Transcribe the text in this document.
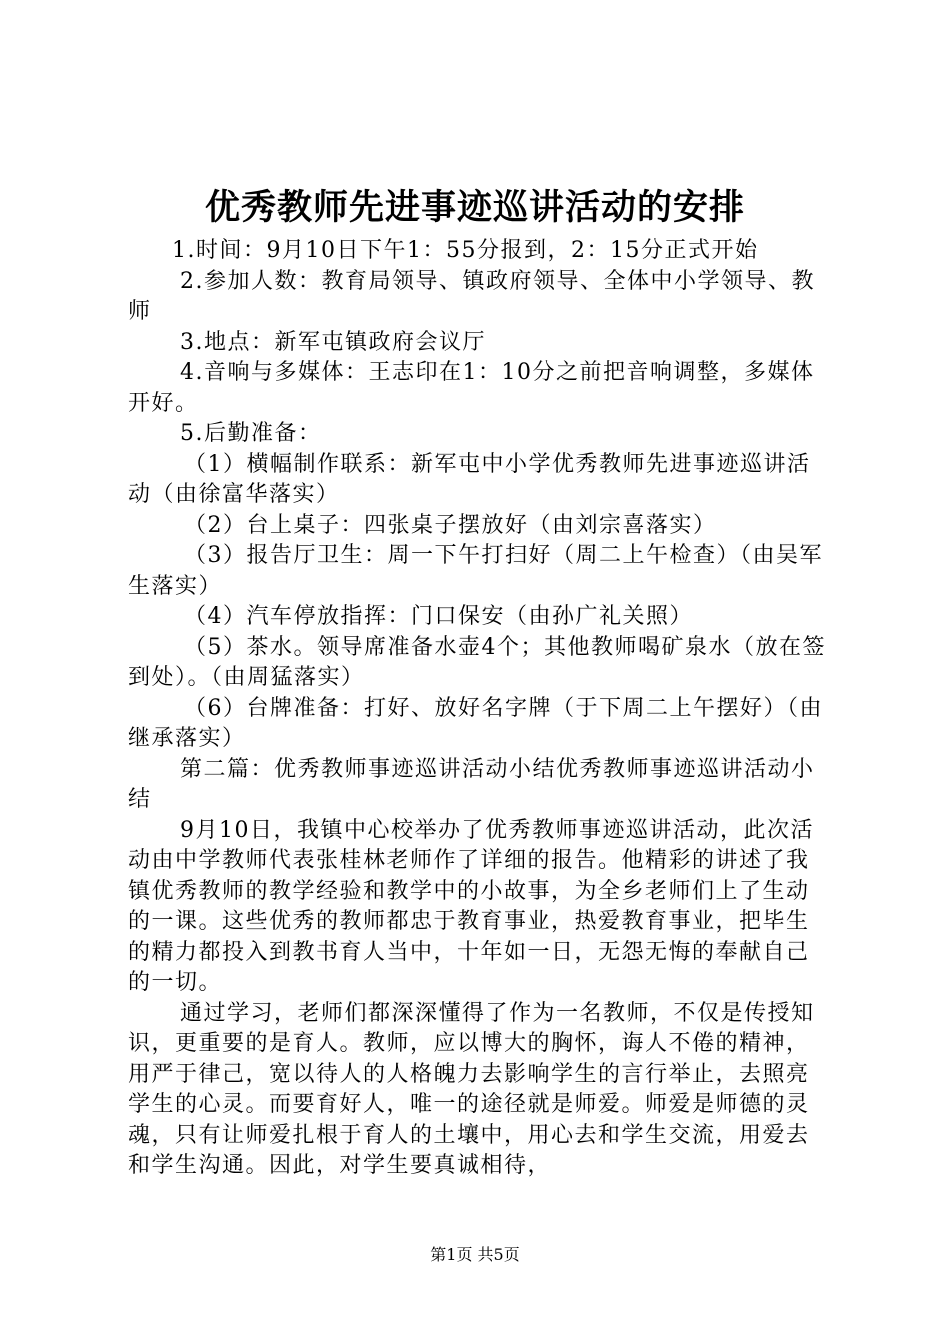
优秀教师先进事迹巡讲活动的安排

1.时间：9月10日下午1：55分报到，2：15分正式开始

2.参加人数：教育局领导、镇政府领导、全体中小学领导、教师

3.地点：新军屯镇政府会议厅

4.音响与多媒体：王志印在1：10分之前把音响调整，多媒体开好。

5.后勤准备：

（1）横幅制作联系：新军屯中小学优秀教师先进事迹巡讲活动（由徐富华落实）

（2）台上桌子：四张桌子摆放好（由刘宗喜落实）

（3）报告厅卫生：周一下午打扫好（周二上午检查）（由吴军生落实）

（4）汽车停放指挥：门口保安（由孙广礼关照）

（5）茶水。领导席准备水壶4个；其他教师喝矿泉水（放在签到处）。（由周猛落实）

（6）台牌准备：打好、放好名字牌（于下周二上午摆好）（由继承落实）

第二篇：优秀教师事迹巡讲活动小结优秀教师事迹巡讲活动小结

9月10日，我镇中心校举办了优秀教师事迹巡讲活动，此次活动由中学教师代表张桂林老师作了详细的报告。他精彩的讲述了我镇优秀教师的教学经验和教学中的小故事，为全乡老师们上了生动的一课。这些优秀的教师都忠于教育事业，热爱教育事业，把毕生的精力都投入到教书育人当中，十年如一日，无怨无悔的奉献自己的一切。

通过学习，老师们都深深懂得了作为一名教师，不仅是传授知识，更重要的是育人。教师，应以博大的胸怀，诲人不倦的精神，用严于律己，宽以待人的人格魄力去影响学生的言行举止，去照亮学生的心灵。而要育好人，唯一的途径就是师爱。师爱是师德的灵魂，只有让师爱扎根于育人的土壤中，用心去和学生交流，用爱去和学生沟通。因此，对学生要真诚相待，

第1页 共5页
